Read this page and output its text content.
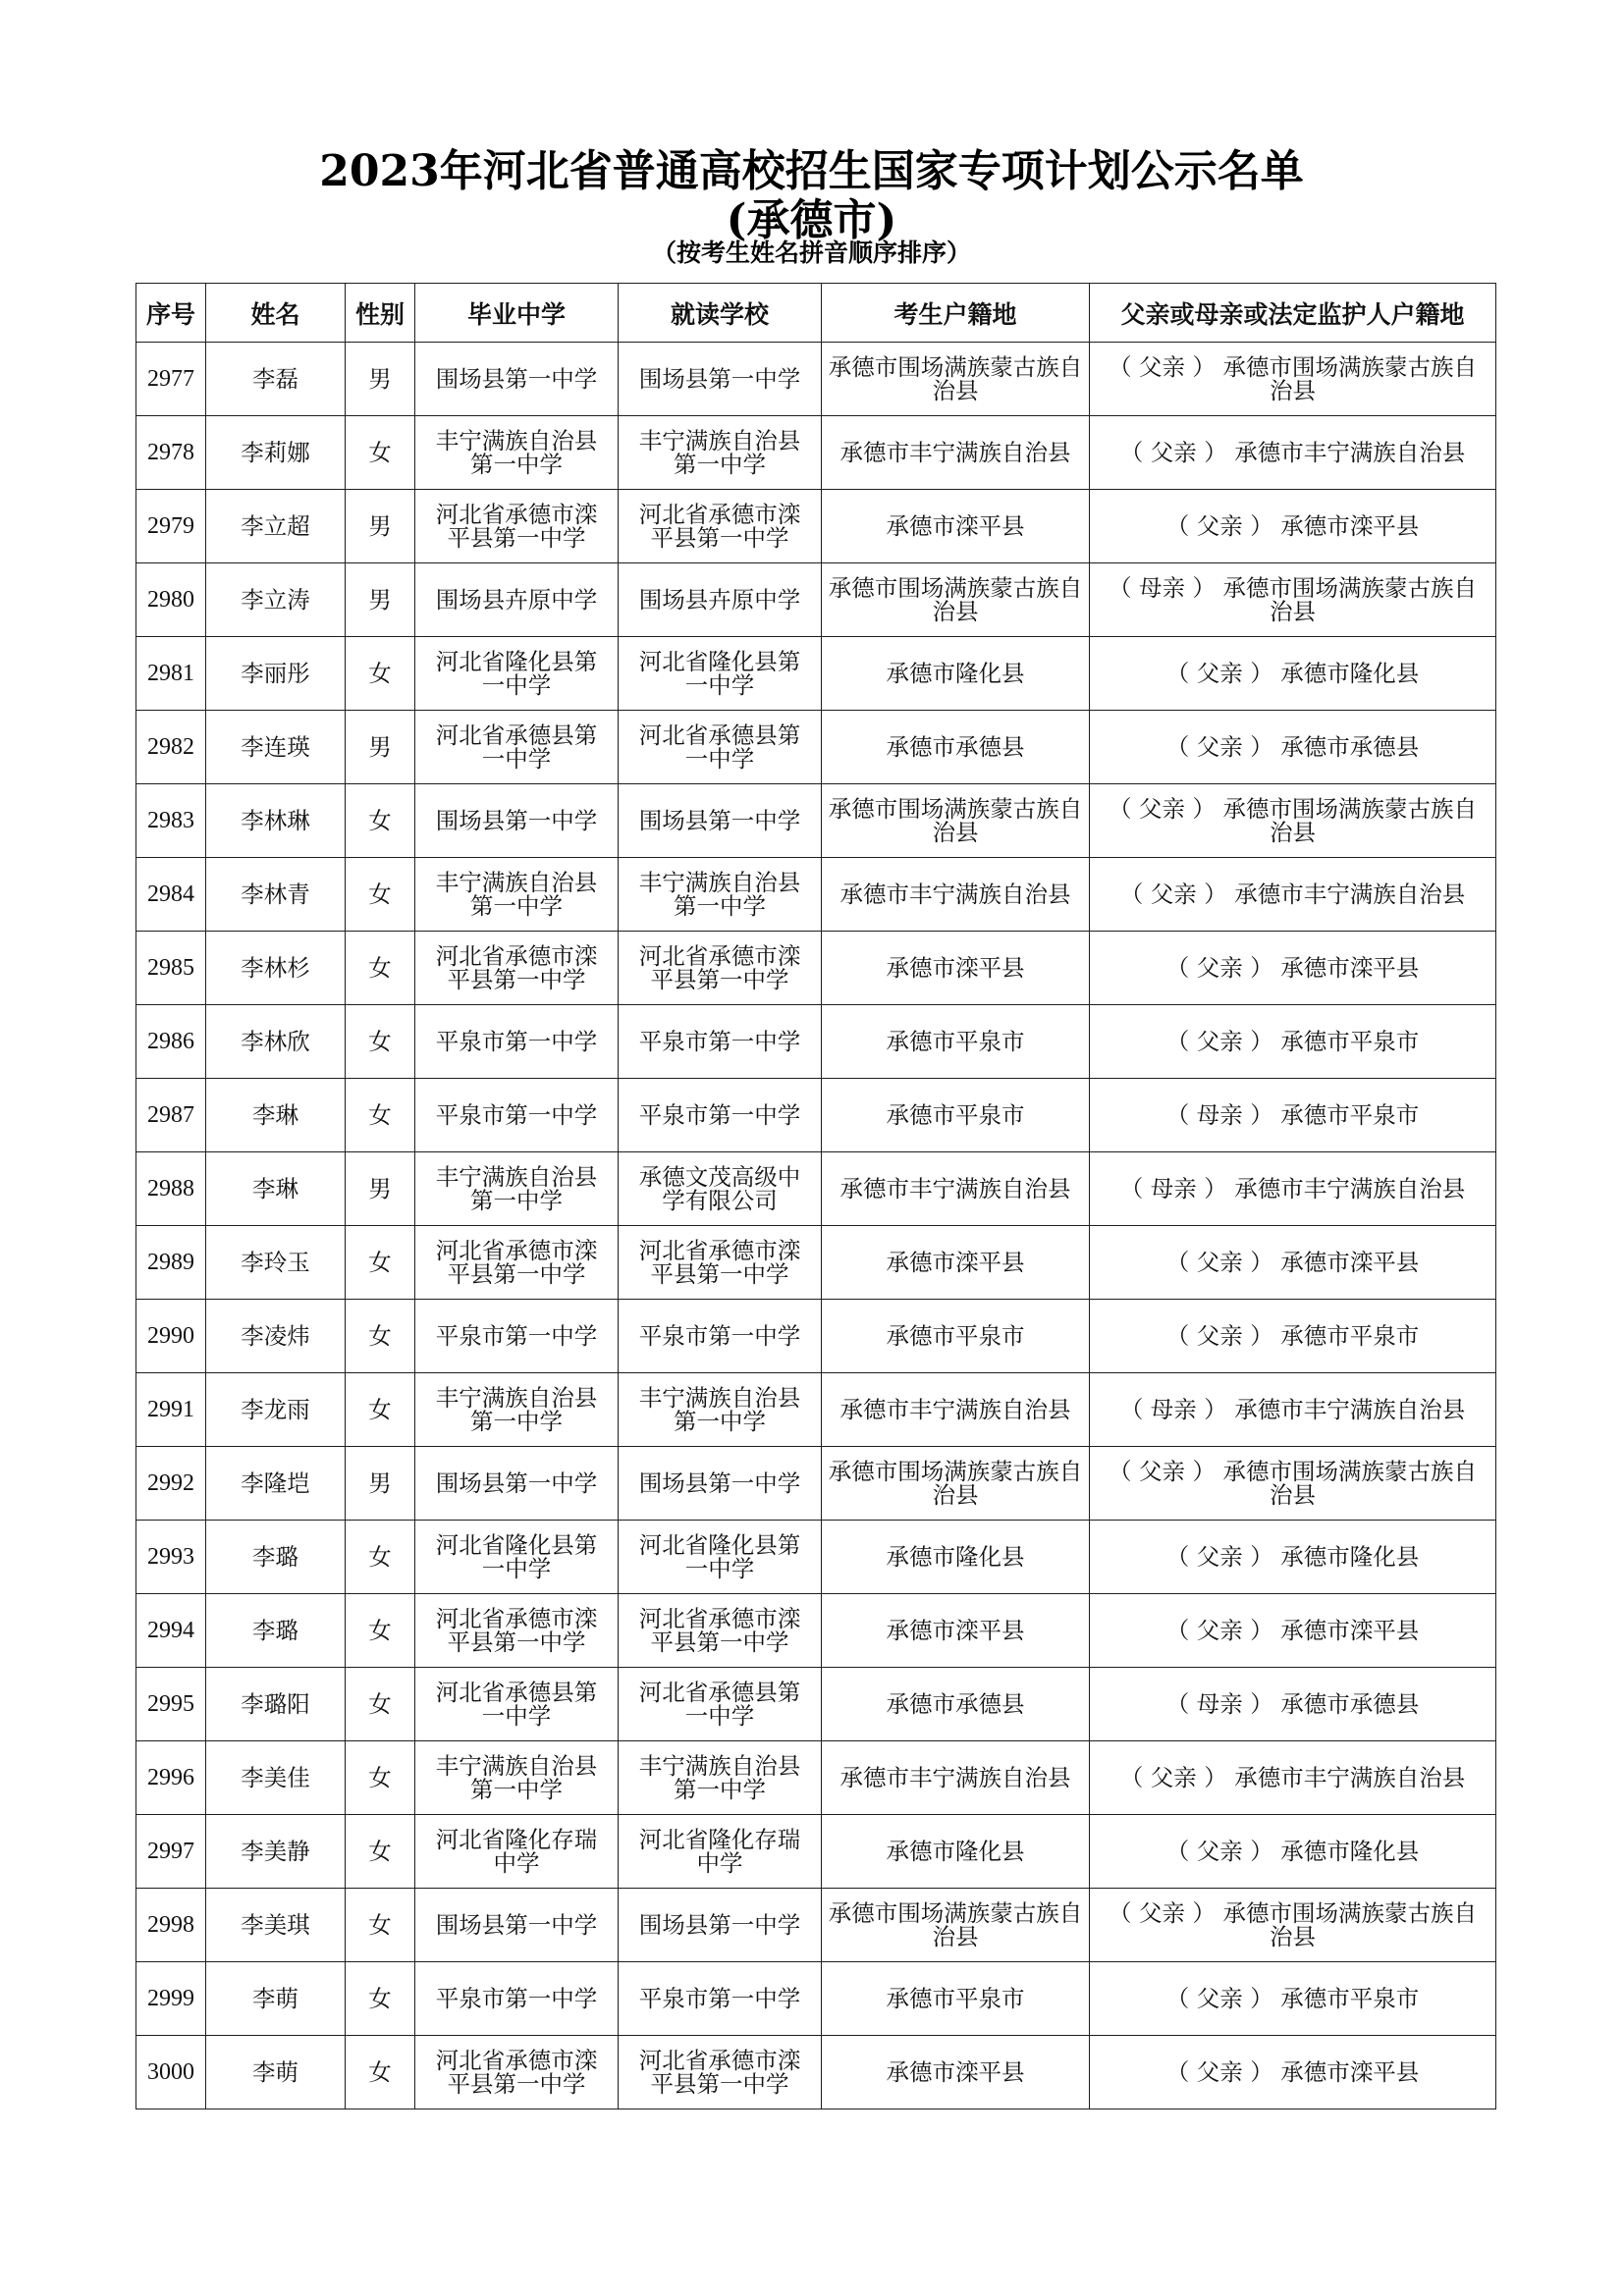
2023年河北省普通高校招生国家专项计划公示名单
(承德市)
（按考生姓名拼音顺序排序）
序号	姓名	性别	毕业中学	就读学校	考生户籍地	父亲或母亲或法定监护人户籍地
2977	李磊	男	围场县第一中学	围场县第一中学	承德市围场满族蒙古族自治县	（ 父亲 ） 承德市围场满族蒙古族自治县
2978	李莉娜	女	丰宁满族自治县第一中学	丰宁满族自治县第一中学	承德市丰宁满族自治县	（ 父亲 ） 承德市丰宁满族自治县
2979	李立超	男	河北省承德市滦平县第一中学	河北省承德市滦平县第一中学	承德市滦平县	（ 父亲 ） 承德市滦平县
2980	李立涛	男	围场县卉原中学	围场县卉原中学	承德市围场满族蒙古族自治县	（ 母亲 ） 承德市围场满族蒙古族自治县
2981	李丽彤	女	河北省隆化县第一中学	河北省隆化县第一中学	承德市隆化县	（ 父亲 ） 承德市隆化县
2982	李连瑛	男	河北省承德县第一中学	河北省承德县第一中学	承德市承德县	（ 父亲 ） 承德市承德县
2983	李林琳	女	围场县第一中学	围场县第一中学	承德市围场满族蒙古族自治县	（ 父亲 ） 承德市围场满族蒙古族自治县
2984	李林青	女	丰宁满族自治县第一中学	丰宁满族自治县第一中学	承德市丰宁满族自治县	（ 父亲 ） 承德市丰宁满族自治县
2985	李林杉	女	河北省承德市滦平县第一中学	河北省承德市滦平县第一中学	承德市滦平县	（ 父亲 ） 承德市滦平县
2986	李林欣	女	平泉市第一中学	平泉市第一中学	承德市平泉市	（ 父亲 ） 承德市平泉市
2987	李琳	女	平泉市第一中学	平泉市第一中学	承德市平泉市	（ 母亲 ） 承德市平泉市
2988	李琳	男	丰宁满族自治县第一中学	承德文茂高级中学有限公司	承德市丰宁满族自治县	（ 母亲 ） 承德市丰宁满族自治县
2989	李玲玉	女	河北省承德市滦平县第一中学	河北省承德市滦平县第一中学	承德市滦平县	（ 父亲 ） 承德市滦平县
2990	李凌炜	女	平泉市第一中学	平泉市第一中学	承德市平泉市	（ 父亲 ） 承德市平泉市
2991	李龙雨	女	丰宁满族自治县第一中学	丰宁满族自治县第一中学	承德市丰宁满族自治县	（ 母亲 ） 承德市丰宁满族自治县
2992	李隆垲	男	围场县第一中学	围场县第一中学	承德市围场满族蒙古族自治县	（ 父亲 ） 承德市围场满族蒙古族自治县
2993	李璐	女	河北省隆化县第一中学	河北省隆化县第一中学	承德市隆化县	（ 父亲 ） 承德市隆化县
2994	李璐	女	河北省承德市滦平县第一中学	河北省承德市滦平县第一中学	承德市滦平县	（ 父亲 ） 承德市滦平县
2995	李璐阳	女	河北省承德县第一中学	河北省承德县第一中学	承德市承德县	（ 母亲 ） 承德市承德县
2996	李美佳	女	丰宁满族自治县第一中学	丰宁满族自治县第一中学	承德市丰宁满族自治县	（ 父亲 ） 承德市丰宁满族自治县
2997	李美静	女	河北省隆化存瑞中学	河北省隆化存瑞中学	承德市隆化县	（ 父亲 ） 承德市隆化县
2998	李美琪	女	围场县第一中学	围场县第一中学	承德市围场满族蒙古族自治县	（ 父亲 ） 承德市围场满族蒙古族自治县
2999	李萌	女	平泉市第一中学	平泉市第一中学	承德市平泉市	（ 父亲 ） 承德市平泉市
3000	李萌	女	河北省承德市滦平县第一中学	河北省承德市滦平县第一中学	承德市滦平县	（ 父亲 ） 承德市滦平县
